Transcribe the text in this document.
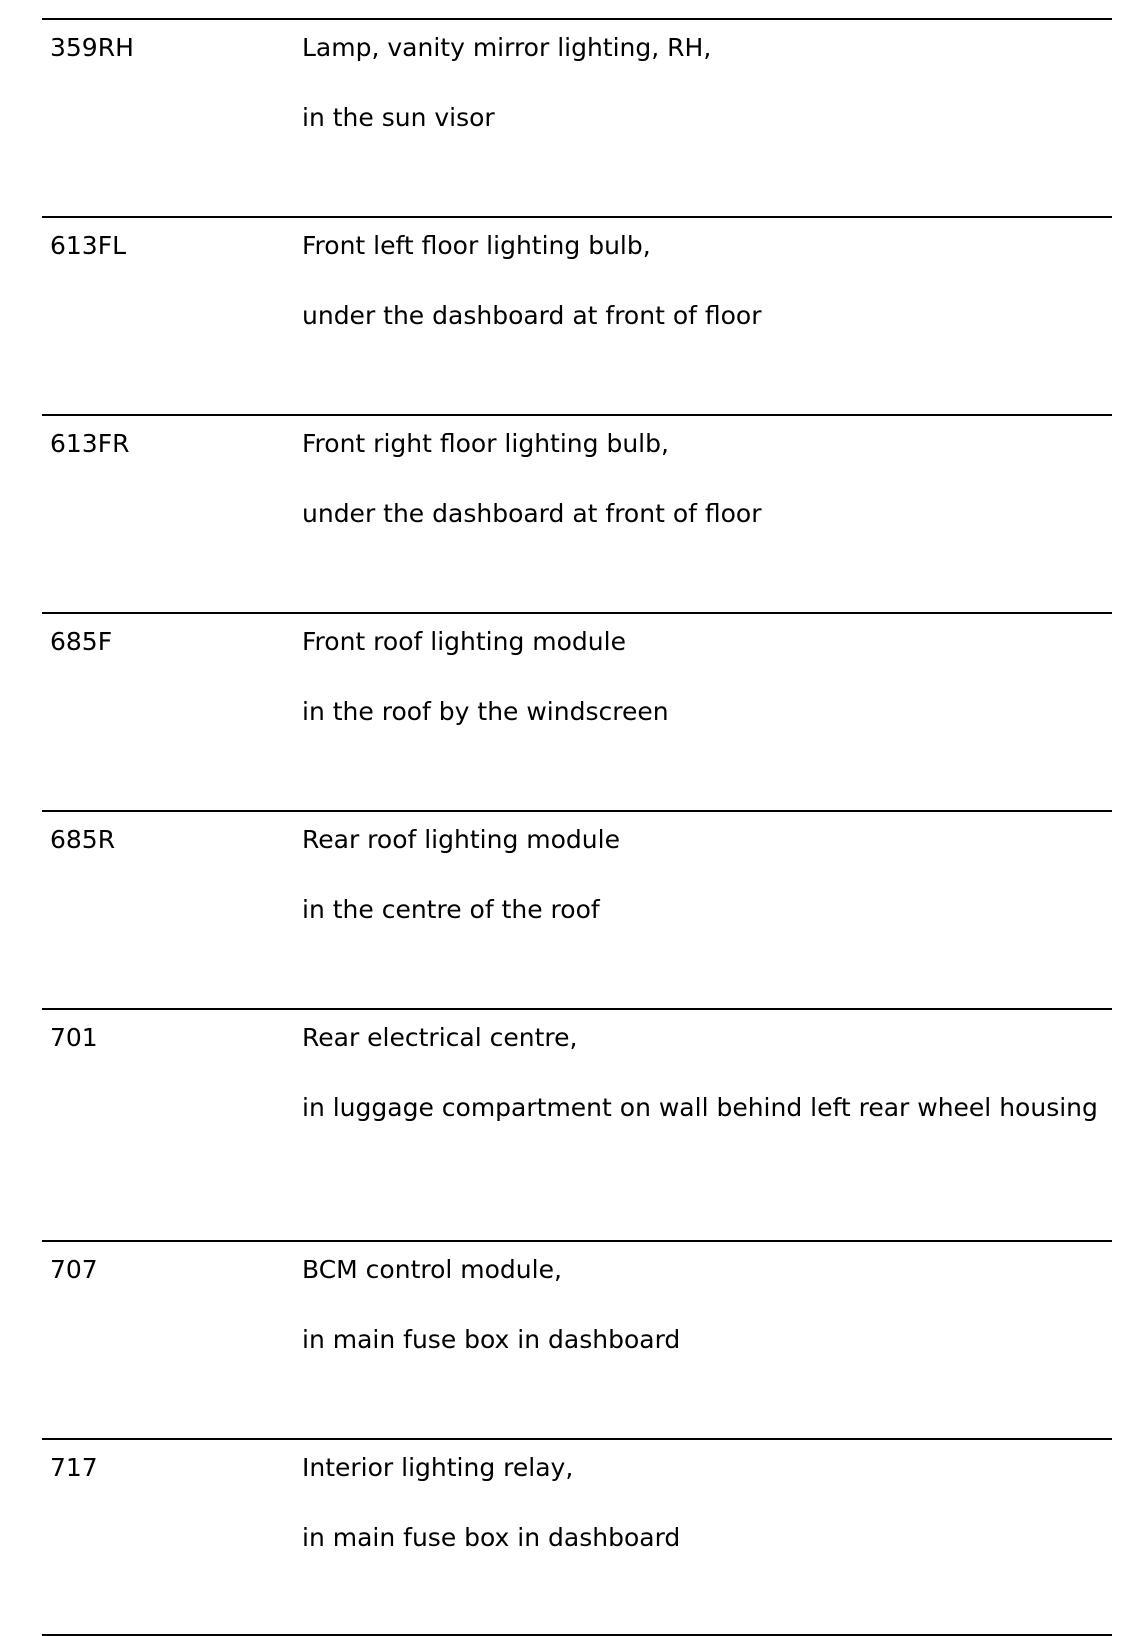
359RH	Lamp, vanity mirror lighting, RH,
in the sun visor
613FL	Front left floor lighting bulb,
under the dashboard at front of floor
613FR	Front right floor lighting bulb,
under the dashboard at front of floor
685F	Front roof lighting module
in the roof by the windscreen
685R	Rear roof lighting module
in the centre of the roof
701	Rear electrical centre,
in luggage compartment on wall behind left rear wheel housing
707	BCM control module,
in main fuse box in dashboard
717	Interior lighting relay,
in main fuse box in dashboard
